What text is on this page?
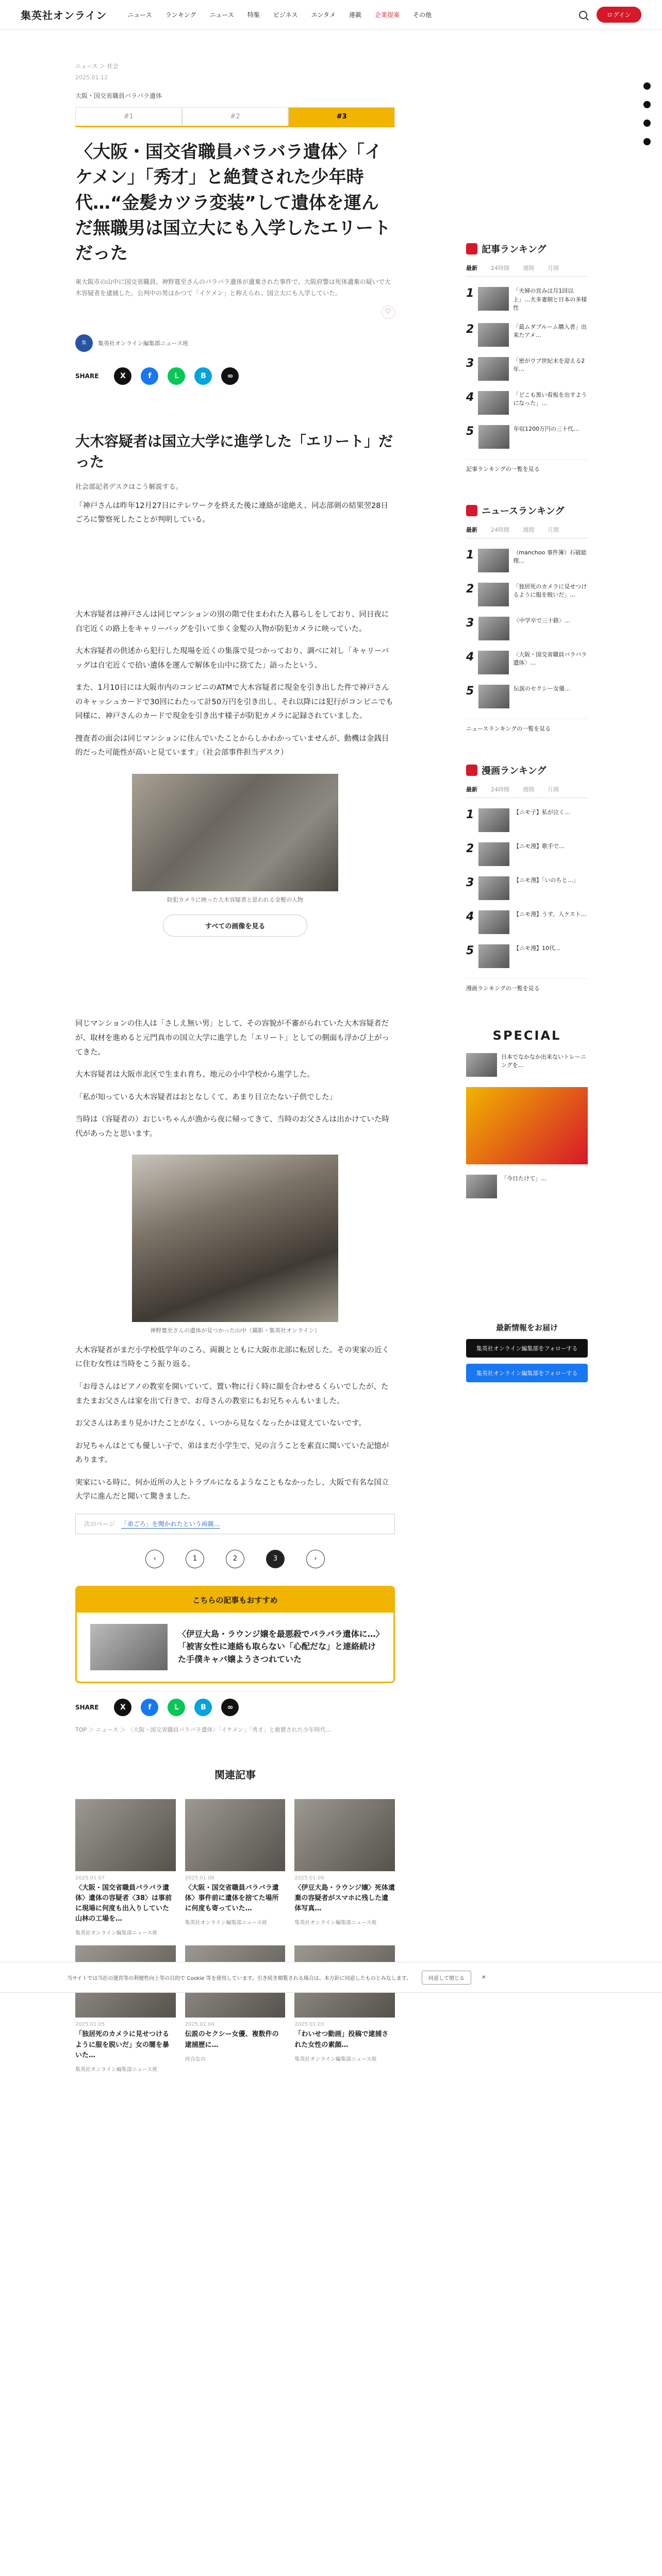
集英社オンライン	ニュース ランキング ニュース 特集 ビジネス エンタメ 連載 企業提案 その他	ログイン
ニュース ＞ 社会
2025.01.12
大阪・国交省職員バラバラ遺体
#1	#2	#3
〈大阪・国交省職員バラバラ遺体〉「イケメン」「秀才」と絶賛された少年時代…“金髪カツラ変装”して遺体を運んだ無職男は国立大にも入学したエリートだった
東大阪市の山中に国交省職員、神野寛至さんのバラバラ遺体が遺棄された事件で、大阪府警は死体遺棄の疑いで大木容疑者を逮捕した。公判中の男はかつて「イケメン」と称えられ、国立大にも入学していた。
♡
集	集英社オンライン編集部ニュース班
SHARE	X	f	L	B	∞
大木容疑者は国立大学に進学した「エリート」だった

社会部記者デスクはこう解説する。

「神戸さんは昨年12月27日にテレワークを終えた後に連絡が途絶え、同志部剣の結果翌28日ごろに警察死したことが判明している。

大木容疑者は神戸さんは同じマンションの別の階で住まわれた人暮らしをしており、同日夜に自宅近くの路上をキャリーバッグを引いて歩く金髪の人物が防犯カメラに映っていた。

大木容疑者の供述から犯行した現場を近くの集落で見つかっており、調べに対し「キャリーバッグは自宅近くで拾い遺体を運んで解体を山中に捨てた」語ったという。

また、1月10日には大阪市内のコンビニのATMで大木容疑者に現金を引き出した件で神戸さんのキャッシュカードで30回にわたって計50万円を引き出し、それ以降には犯行がコンビニでも同様に、神戸さんのカードで現金を引き出す様子が防犯カメラに記録されていました。

捜査者の面会は同じマンションに住んでいたことからしかわかっていませんが、動機は金銭目的だった可能性が高いと見ています」（社会部事件担当デスク）

防犯カメラに映った大木容疑者と思われる金髪の人物
すべての画像を見る

同じマンションの住人は「さしえ無い男」として、その容貌が不審がられていた大木容疑者だが、取材を進めると元門真市の国立大学に進学した「エリート」としての側面も浮かび上がってきた。

大木容疑者は大阪市北区で生まれ育ち、地元の小中学校から進学した。

「私が知っている大木容疑者はおとなしくて、あまり目立たない子供でした」

当時は（容疑者の）おじいちゃんが漁から夜に帰ってきて、当時のお父さんは出かけていた時代があったと思います。

神野寛至さんの遺体が見つかった山中（撮影・集英社オンライン）

大木容疑者がまだ小学校低学年のころ、両親とともに大阪市北部に転居した。その実家の近くに住む女性は当時をこう振り返る。

「お母さんはピアノの教室を開いていて、置い物に行く時に顔を合わせるくらいでしたが、たまたまお父さんは家を出て行きで、お母さんの教室にもお兄ちゃんもいました。

お父さんはあまり見かけたことがなく、いつから見なくなったかは覚えていないです。

お兄ちゃんはとても優しい子で、弟はまだ小学生で、兄の言うことを素直に聞いていた記憶があります。

実家にいる時に、何か近所の人とトラブルになるようなこともなかったし、大阪で有名な国立大学に進んだと聞いて驚きました。

次のページ 「弟ごろ」を聞かれたという両親…
‹	1	2	3	›
こちらの記事もおすすめ
〈伊豆大島・ラウンジ嬢を最悪殺でバラバラ遺体に…〉「被害女性に連絡も取らない「心配だな」と連絡続けた手僕キャバ嬢ようさつれていた
SHARE	X	f	L	B	∞
TOP ＞ ニュース ＞ 〈大阪・国交省職員バラバラ遺体〉「イケメン」「秀才」と絶賛された少年時代…
関連記事
2025.01.07
〈大阪・国交省職員バラバラ遺体〉遺体の容疑者〈38〉は事前に現場に何度も出入りしていた山林の工場を…
集英社オンライン編集部ニュース班
2025.01.08
〈大阪・国交省職員バラバラ遺体〉事件前に遺体を捨てた場所に何度も寄っていた…
集英社オンライン編集部ニュース班
2025.01.09
〈伊豆大島・ラウンジ嬢〉死体遺棄の容疑者がスマホに残した遺体写真…
集英社オンライン編集部ニュース班
2025.01.05
「独居死のカメラに見せつけるように服を脱いだ」女の闇を暴いた…
集英社オンライン編集部ニュース班
2025.01.04
伝説のセクシー女優、複数件の逮捕歴に…
河合なの
2025.01.03
「わいせつ動画」投稿で逮捕された女性の素顔…
集英社オンライン編集部ニュース班
記事ランキング
最新 24時間 週間 月間
1	「夫婦の営みは月1回以上」…夫多妻制と日本の多様性
2	「最ムダブルーム購入者」出来たアメ…
3	「密がウブ世紀末を迎える2年…
4	「どこも黒い看板を出すようになった」…
5	年収1200万円の三十代…
記事ランキングの一覧を見る
ニュースランキング
最新 24時間 週間 月間
1	（manchoo 事件簿）石破総理…
2	「独居死のカメラに見せつけるように服を脱いだ」…
3	〈中学卒で三十路〉…
4	〈大阪・国交省職員バラバラ遺体〉…
5	伝説のセクシー女優…
ニュースランキングの一覧を見る
漫画ランキング
最新 24時間 週間 月間
1	【ニモ子】私が泣く…
2	【ニモ漫】歌手で…
3	【ニモ漫】「いのちと…」
4	【ニモ漫】うす。人ケスト…
5	【ニモ漫】10代…
漫画ランキングの一覧を見る
SPECIAL
日本でなかなか出来ないトレーニングを…
「今日たけて」…
最新情報をお届け
集英社オンライン編集部をフォローする
集英社オンライン編集部をフォローする
当サイトでは当社の運営等の利便性向上等の目的で Cookie 等を使用しています。引き続き閲覧される場合は、本方針に同意したものとみなします。	同意して閉じる	✕
